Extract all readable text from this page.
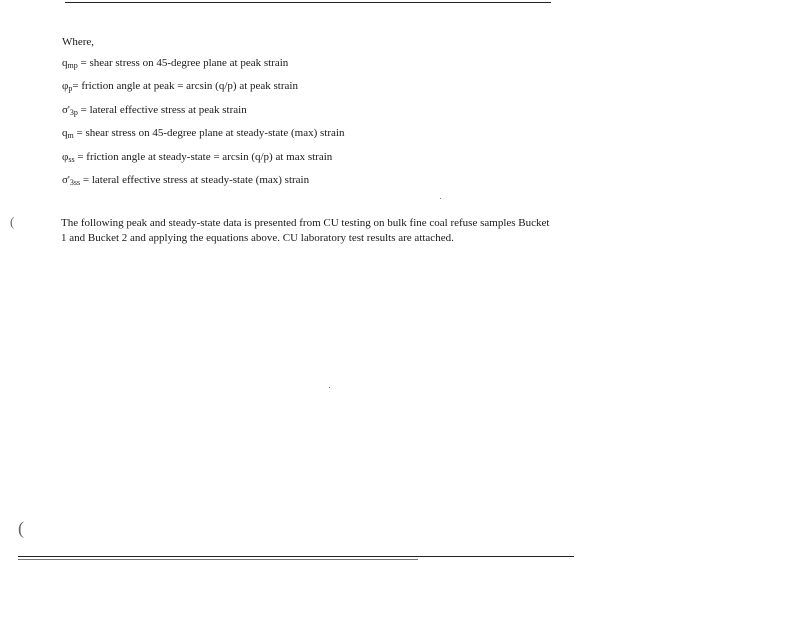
(
(
Where,
$q_{mp}$ = shear stress on 45-degree plane at peak strain
$\varphi_p=$ friction angle at peak = arcsin (q/p) at peak strain
$\sigma'_{3p}$ = lateral effective stress at peak strain
$q_m$ = shear stress on 45-degree plane at steady-state (max) strain
$\varphi_{ss}$ = friction angle at steady-state = arcsin (q/p) at max strain
$\sigma'_{3ss}$ = lateral effective stress at steady-state (max) strain
The following peak and steady-state data is presented from CU testing on bulk fine coal refuse samples Bucket 1 and Bucket 2 and applying the equations above. CU laboratory test results are attached.
